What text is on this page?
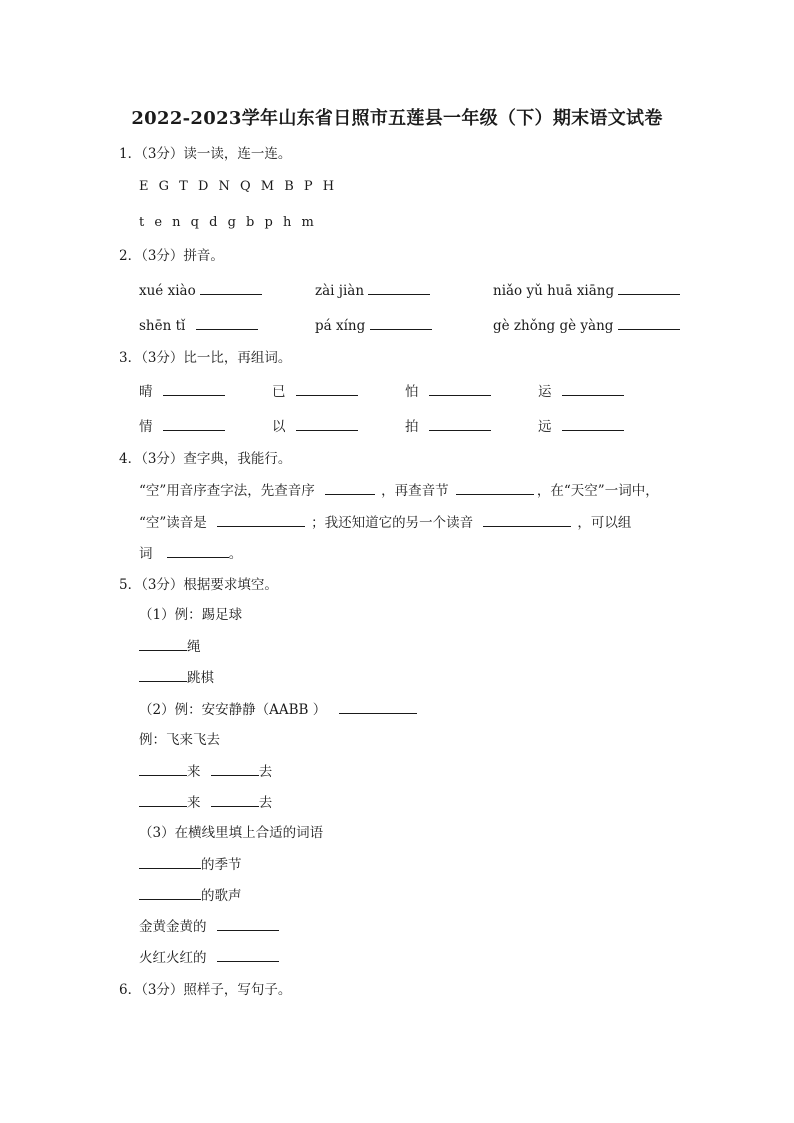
2022-2023学年山东省日照市五莲县一年级（下）期末语文试卷
1．（3分）读一读，连一连。
E G T D N Q M B P H
t e n q d g b p h m
2．（3分）拼音。
xué xiào	zài jiàn	niǎo yǔ huā xiāng
shēn tǐ	pá xíng	gè zhǒng gè yàng
3．（3分）比一比，再组词。
晴	已	怕	运
情	以	拍	远
4．（3分）查字典，我能行。
“空”用音序查字法，先查音序	，再查音节	，在“天空”一词中，
“空”读音是	；我还知道它的另一个读音	，可以组
词	。
5．（3分）根据要求填空。
（1）例：踢足球
绳
跳棋
（2）例：安安静静（AABB ）
例：飞来飞去
来	去
来	去
（3）在横线里填上合适的词语
的季节
的歌声
金黄金黄的
火红火红的
6．（3分）照样子，写句子。
